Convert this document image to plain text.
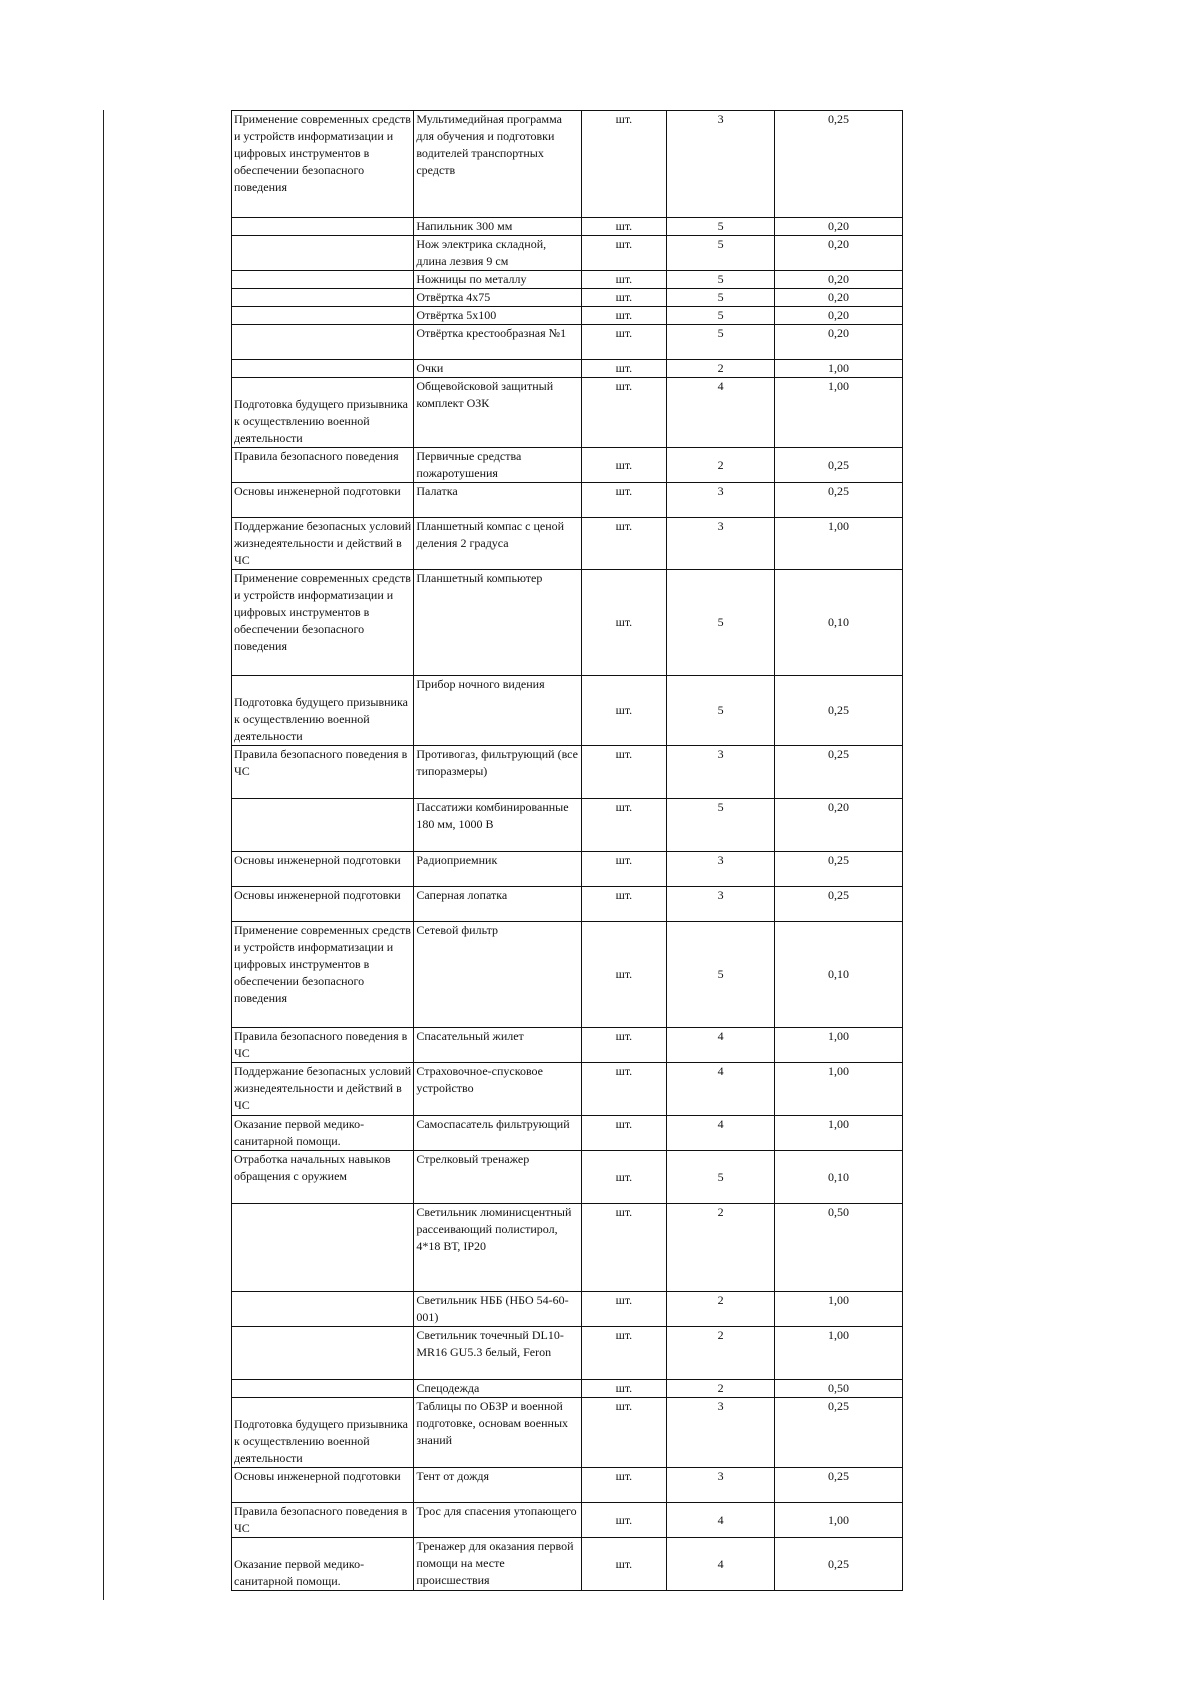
Применение современных средств и устройств информатизации и цифровых инструментов в обеспечении безопасного поведения	Мультимедийная программа для обучения и подготовки водителей транспортных средств	шт.	3	0,25
	Напильник 300 мм	шт.	5	0,20
	Нож электрика складной, длина лезвия 9 см	шт.	5	0,20
	Ножницы по металлу	шт.	5	0,20
	Отвёртка 4х75	шт.	5	0,20
	Отвёртка 5х100	шт.	5	0,20
	Отвёртка крестообразная №1	шт.	5	0,20
	Очки	шт.	2	1,00
Подготовка будущего призывника к осуществлению военной деятельности	Общевойсковой защитный комплект ОЗК	шт.	4	1,00
Правила безопасного поведения	Первичные средства пожаротушения	шт.	2	0,25
Основы инженерной подготовки	Палатка	шт.	3	0,25
Поддержание безопасных условий жизнедеятельности и действий в ЧС	Планшетный компас с ценой деления 2 градуса	шт.	3	1,00
Применение современных средств и устройств информатизации и цифровых инструментов в обеспечении безопасного поведения	Планшетный компьютер	шт.	5	0,10
Подготовка будущего призывника к осуществлению военной деятельности	Прибор ночного видения	шт.	5	0,25
Правила безопасного поведения в ЧС	Противогаз, фильтрующий (все типоразмеры)	шт.	3	0,25
	Пассатижи комбинированные 180 мм, 1000 В	шт.	5	0,20
Основы инженерной подготовки	Радиоприемник	шт.	3	0,25
Основы инженерной подготовки	Саперная лопатка	шт.	3	0,25
Применение современных средств и устройств информатизации и цифровых инструментов в обеспечении безопасного поведения	Сетевой фильтр	шт.	5	0,10
Правила безопасного поведения в ЧС	Спасательный жилет	шт.	4	1,00
Поддержание безопасных условий жизнедеятельности и действий в ЧС	Страховочное-спусковое устройство	шт.	4	1,00
Оказание первой медико-санитарной помощи.	Самоспасатель фильтрующий	шт.	4	1,00
Отработка начальных навыков обращения с оружием	Стрелковый тренажер	шт.	5	0,10
	Светильник люминисцентный рассеивающий полистирол, 4*18 ВТ, IP20	шт.	2	0,50
	Светильник НББ (НБО 54-60-001)	шт.	2	1,00
	Светильник точечный DL10-MR16 GU5.3 белый, Feron	шт.	2	1,00
	Спецодежда	шт.	2	0,50
Подготовка будущего призывника к осуществлению военной деятельности	Таблицы по ОБЗР и военной подготовке, основам военных знаний	шт.	3	0,25
Основы инженерной подготовки	Тент от дождя	шт.	3	0,25
Правила безопасного поведения в ЧС	Трос для спасения утопающего	шт.	4	1,00
Оказание первой медико-санитарной помощи.	Тренажер для оказания первой помощи на месте происшествия	шт.	4	0,25
